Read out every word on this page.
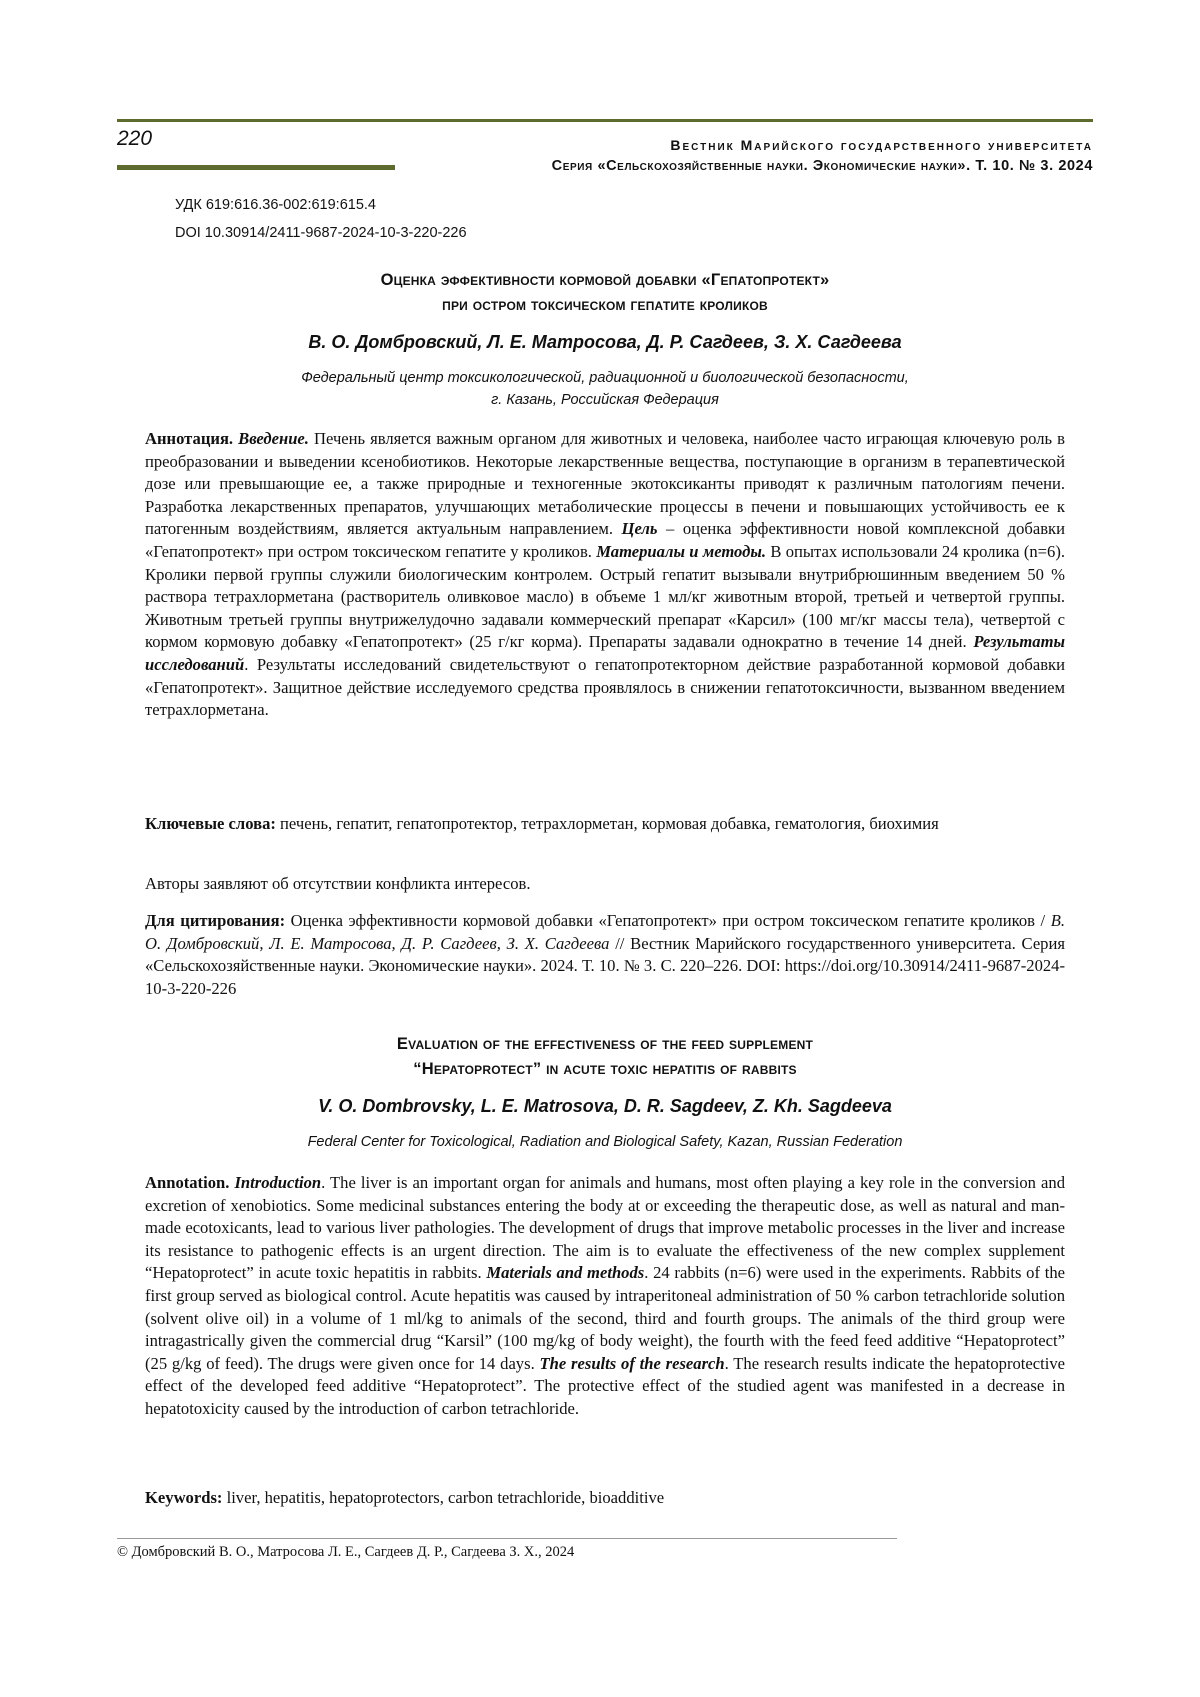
220	Вестник Марийского государственного университета
Серия «Сельскохозяйственные науки. Экономические науки». Т. 10. № 3. 2024
УДК 619:616.36-002:619:615.4
DOI 10.30914/2411-9687-2024-10-3-220-226
Оценка эффективности кормовой добавки «Гепатопротект»
при остром токсическом гепатите кроликов
В. О. Домбровский, Л. Е. Матросова, Д. Р. Сагдеев, З. Х. Сагдеева
Федеральный центр токсикологической, радиационной и биологической безопасности,
г. Казань, Российская Федерация
Аннотация. Введение. Печень является важным органом для животных и человека, наиболее часто играющая ключевую роль в преобразовании и выведении ксенобиотиков. Некоторые лекарственные вещества, поступающие в организм в терапевтической дозе или превышающие ее, а также природные и техногенные экотоксиканты приводят к различным патологиям печени. Разработка лекарственных препаратов, улучшающих метаболические процессы в печени и повышающих устойчивость ее к патогенным воздействиям, является актуальным направлением. Цель – оценка эффективности новой комплексной добавки «Гепатопротект» при остром токсическом гепатите у кроликов. Материалы и методы. В опытах использовали 24 кролика (n=6). Кролики первой группы служили биологическим контролем. Острый гепатит вызывали внутрибрюшинным введением 50 % раствора тетрахлорметана (растворитель оливковое масло) в объеме 1 мл/кг животным второй, третьей и четвертой группы. Животным третьей группы внутрижелудочно задавали коммерческий препарат «Карсил» (100 мг/кг массы тела), четвертой с кормом кормовую добавку «Гепатопротект» (25 г/кг корма). Препараты задавали однократно в течение 14 дней. Результаты исследований. Результаты исследований свидетельствуют о гепатопротекторном действие разработанной кормовой добавки «Гепатопротект». Защитное действие исследуемого средства проявлялось в снижении гепатотоксичности, вызванном введением тетрахлорметана.
Ключевые слова: печень, гепатит, гепатопротектор, тетрахлорметан, кормовая добавка, гематология, биохимия
Авторы заявляют об отсутствии конфликта интересов.
Для цитирования: Оценка эффективности кормовой добавки «Гепатопротект» при остром токсическом гепатите кроликов / В. О. Домбровский, Л. Е. Матросова, Д. Р. Сагдеев, З. Х. Сагдеева // Вестник Марийского государственного университета. Серия «Сельскохозяйственные науки. Экономические науки». 2024. Т. 10. № 3. С. 220–226. DOI: https://doi.org/10.30914/2411-9687-2024-10-3-220-226
Evaluation of the effectiveness of the feed supplement
“Hepatoprotect” in acute toxic hepatitis of rabbits
V. O. Dombrovsky, L. E. Matrosova, D. R. Sagdeev, Z. Kh. Sagdeeva
Federal Center for Toxicological, Radiation and Biological Safety, Kazan, Russian Federation
Annotation. Introduction. The liver is an important organ for animals and humans, most often playing a key role in the conversion and excretion of xenobiotics. Some medicinal substances entering the body at or exceeding the therapeutic dose, as well as natural and man-made ecotoxicants, lead to various liver pathologies. The development of drugs that improve metabolic processes in the liver and increase its resistance to pathogenic effects is an urgent direction. The aim is to evaluate the effectiveness of the new complex supplement “Hepatoprotect” in acute toxic hepatitis in rabbits. Materials and methods. 24 rabbits (n=6) were used in the experiments. Rabbits of the first group served as biological control. Acute hepatitis was caused by intraperitoneal administration of 50 % carbon tetrachloride solution (solvent olive oil) in a volume of 1 ml/kg to animals of the second, third and fourth groups. The animals of the third group were intragastrically given the commercial drug “Karsil” (100 mg/kg of body weight), the fourth with the feed feed additive “Hepatoprotect” (25 g/kg of feed). The drugs were given once for 14 days. The results of the research. The research results indicate the hepatoprotective effect of the developed feed additive “Hepatoprotect”. The protective effect of the studied agent was manifested in a decrease in hepatotoxicity caused by the introduction of carbon tetrachloride.
Keywords: liver, hepatitis, hepatoprotectors, carbon tetrachloride, bioadditive
© Домбровский В. О., Матросова Л. Е., Сагдеев Д. Р., Сагдеева З. Х., 2024
